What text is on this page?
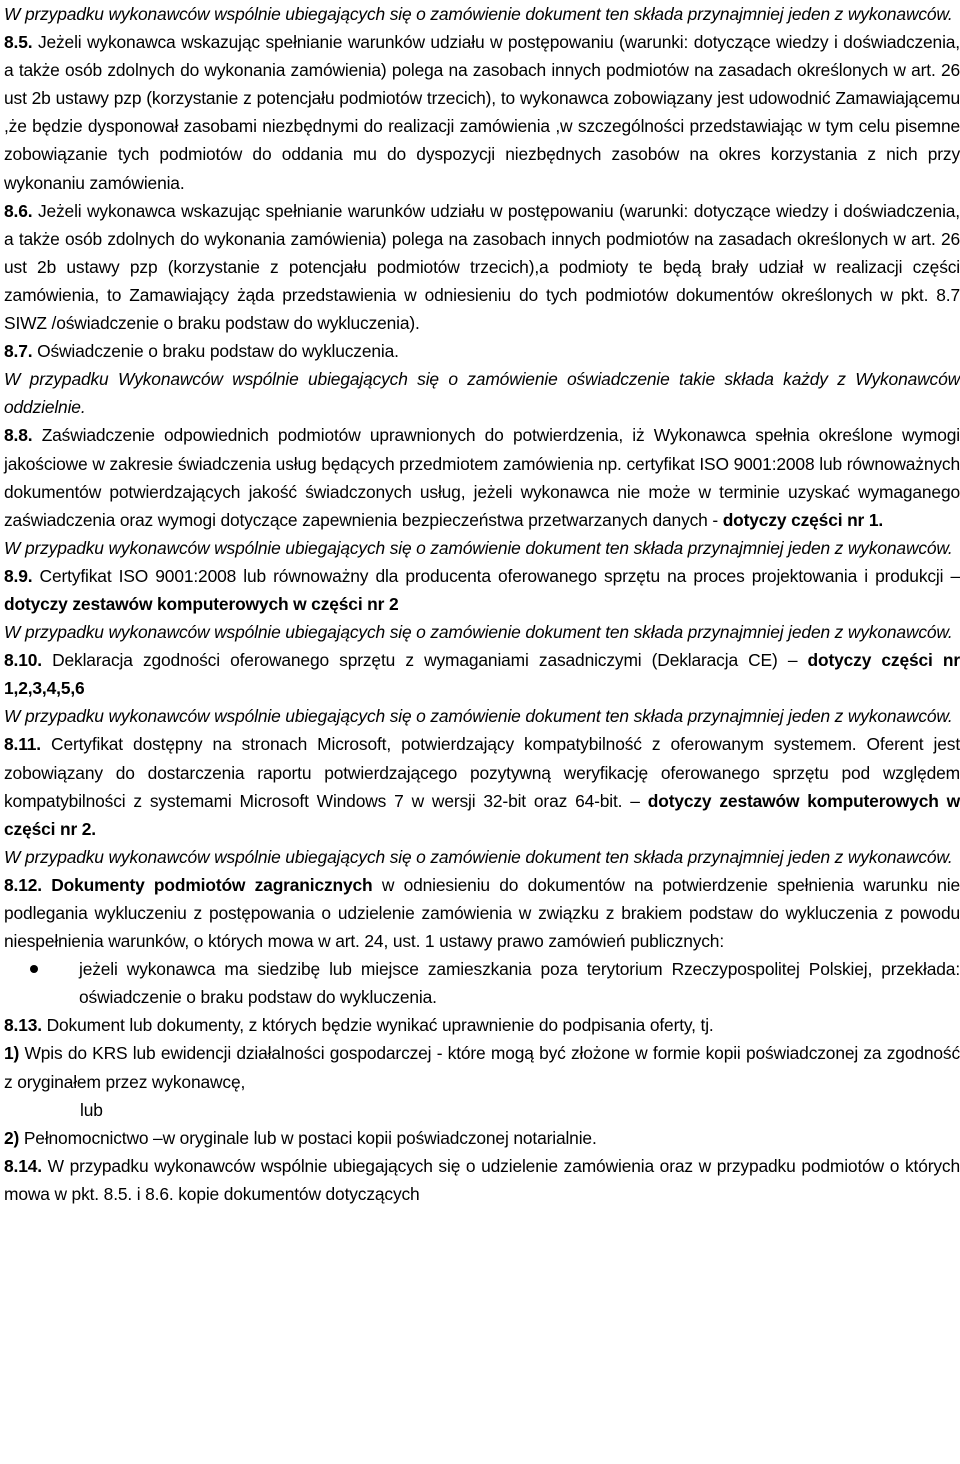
W przypadku wykonawców wspólnie ubiegających się o zamówienie dokument ten składa przynajmniej jeden z wykonawców.

8.5. Jeżeli wykonawca wskazując spełnianie warunków udziału w postępowaniu (warunki: dotyczące wiedzy i doświadczenia, a także osób zdolnych do wykonania zamówienia) polega na zasobach innych podmiotów na zasadach określonych w art. 26 ust 2b ustawy pzp (korzystanie z potencjału podmiotów trzecich), to wykonawca zobowiązany jest udowodnić Zamawiającemu ,że będzie dysponował zasobami niezbędnymi do realizacji zamówienia ,w szczególności przedstawiając w tym celu pisemne zobowiązanie tych podmiotów do oddania mu do dyspozycji niezbędnych zasobów na okres korzystania z nich przy wykonaniu zamówienia.

8.6. Jeżeli wykonawca wskazując spełnianie warunków udziału w postępowaniu (warunki: dotyczące wiedzy i doświadczenia, a także osób zdolnych do wykonania zamówienia) polega na zasobach innych podmiotów na zasadach określonych w art. 26 ust 2b ustawy pzp (korzystanie z potencjału podmiotów trzecich),a podmioty te będą brały udział w realizacji części zamówienia, to Zamawiający żąda przedstawienia w odniesieniu do tych podmiotów dokumentów określonych w pkt. 8.7 SIWZ /oświadczenie o braku podstaw do wykluczenia).

8.7. Oświadczenie o braku podstaw do wykluczenia.

W przypadku Wykonawców wspólnie ubiegających się o zamówienie oświadczenie takie składa każdy z Wykonawców oddzielnie.

8.8. Zaświadczenie odpowiednich podmiotów uprawnionych do potwierdzenia, iż Wykonawca spełnia określone wymogi jakościowe w zakresie świadczenia usług będących przedmiotem zamówienia np. certyfikat ISO 9001:2008 lub równoważnych dokumentów potwierdzających jakość świadczonych usług, jeżeli wykonawca nie może w terminie uzyskać wymaganego zaświadczenia oraz wymogi dotyczące zapewnienia bezpieczeństwa przetwarzanych danych - dotyczy części nr 1.

W przypadku wykonawców wspólnie ubiegających się o zamówienie dokument ten składa przynajmniej jeden z wykonawców.

8.9. Certyfikat ISO 9001:2008 lub równoważny dla producenta oferowanego sprzętu na proces projektowania i produkcji – dotyczy zestawów komputerowych w części nr 2

W przypadku wykonawców wspólnie ubiegających się o zamówienie dokument ten składa przynajmniej jeden z wykonawców.

8.10. Deklaracja zgodności oferowanego sprzętu z wymaganiami zasadniczymi (Deklaracja CE) – dotyczy części nr 1,2,3,4,5,6

W przypadku wykonawców wspólnie ubiegających się o zamówienie dokument ten składa przynajmniej jeden z wykonawców.

8.11. Certyfikat dostępny na stronach Microsoft, potwierdzający kompatybilność z oferowanym systemem. Oferent jest zobowiązany do dostarczenia raportu potwierdzającego pozytywną weryfikację oferowanego sprzętu pod względem kompatybilności z systemami Microsoft Windows 7 w wersji 32-bit oraz 64-bit. – dotyczy zestawów komputerowych w części nr 2.

W przypadku wykonawców wspólnie ubiegających się o zamówienie dokument ten składa przynajmniej jeden z wykonawców.

8.12. Dokumenty podmiotów zagranicznych w odniesieniu do dokumentów na potwierdzenie spełnienia warunku nie podlegania wykluczeniu z postępowania o udzielenie zamówienia w związku z brakiem podstaw do wykluczenia z powodu niespełnienia warunków, o których mowa w art. 24, ust. 1 ustawy prawo zamówień publicznych:

jeżeli wykonawca ma siedzibę lub miejsce zamieszkania poza terytorium Rzeczypospolitej Polskiej, przekłada: oświadczenie o braku podstaw do wykluczenia.

8.13. Dokument lub dokumenty, z których będzie wynikać uprawnienie do podpisania oferty, tj.

1) Wpis do KRS lub ewidencji działalności gospodarczej - które mogą być złożone w formie kopii poświadczonej za zgodność z oryginałem przez wykonawcę,

lub

2) Pełnomocnictwo –w oryginale lub w postaci kopii poświadczonej notarialnie.

8.14. W przypadku wykonawców wspólnie ubiegających się o udzielenie zamówienia oraz w przypadku podmiotów o których mowa w pkt. 8.5. i 8.6. kopie dokumentów dotyczących
